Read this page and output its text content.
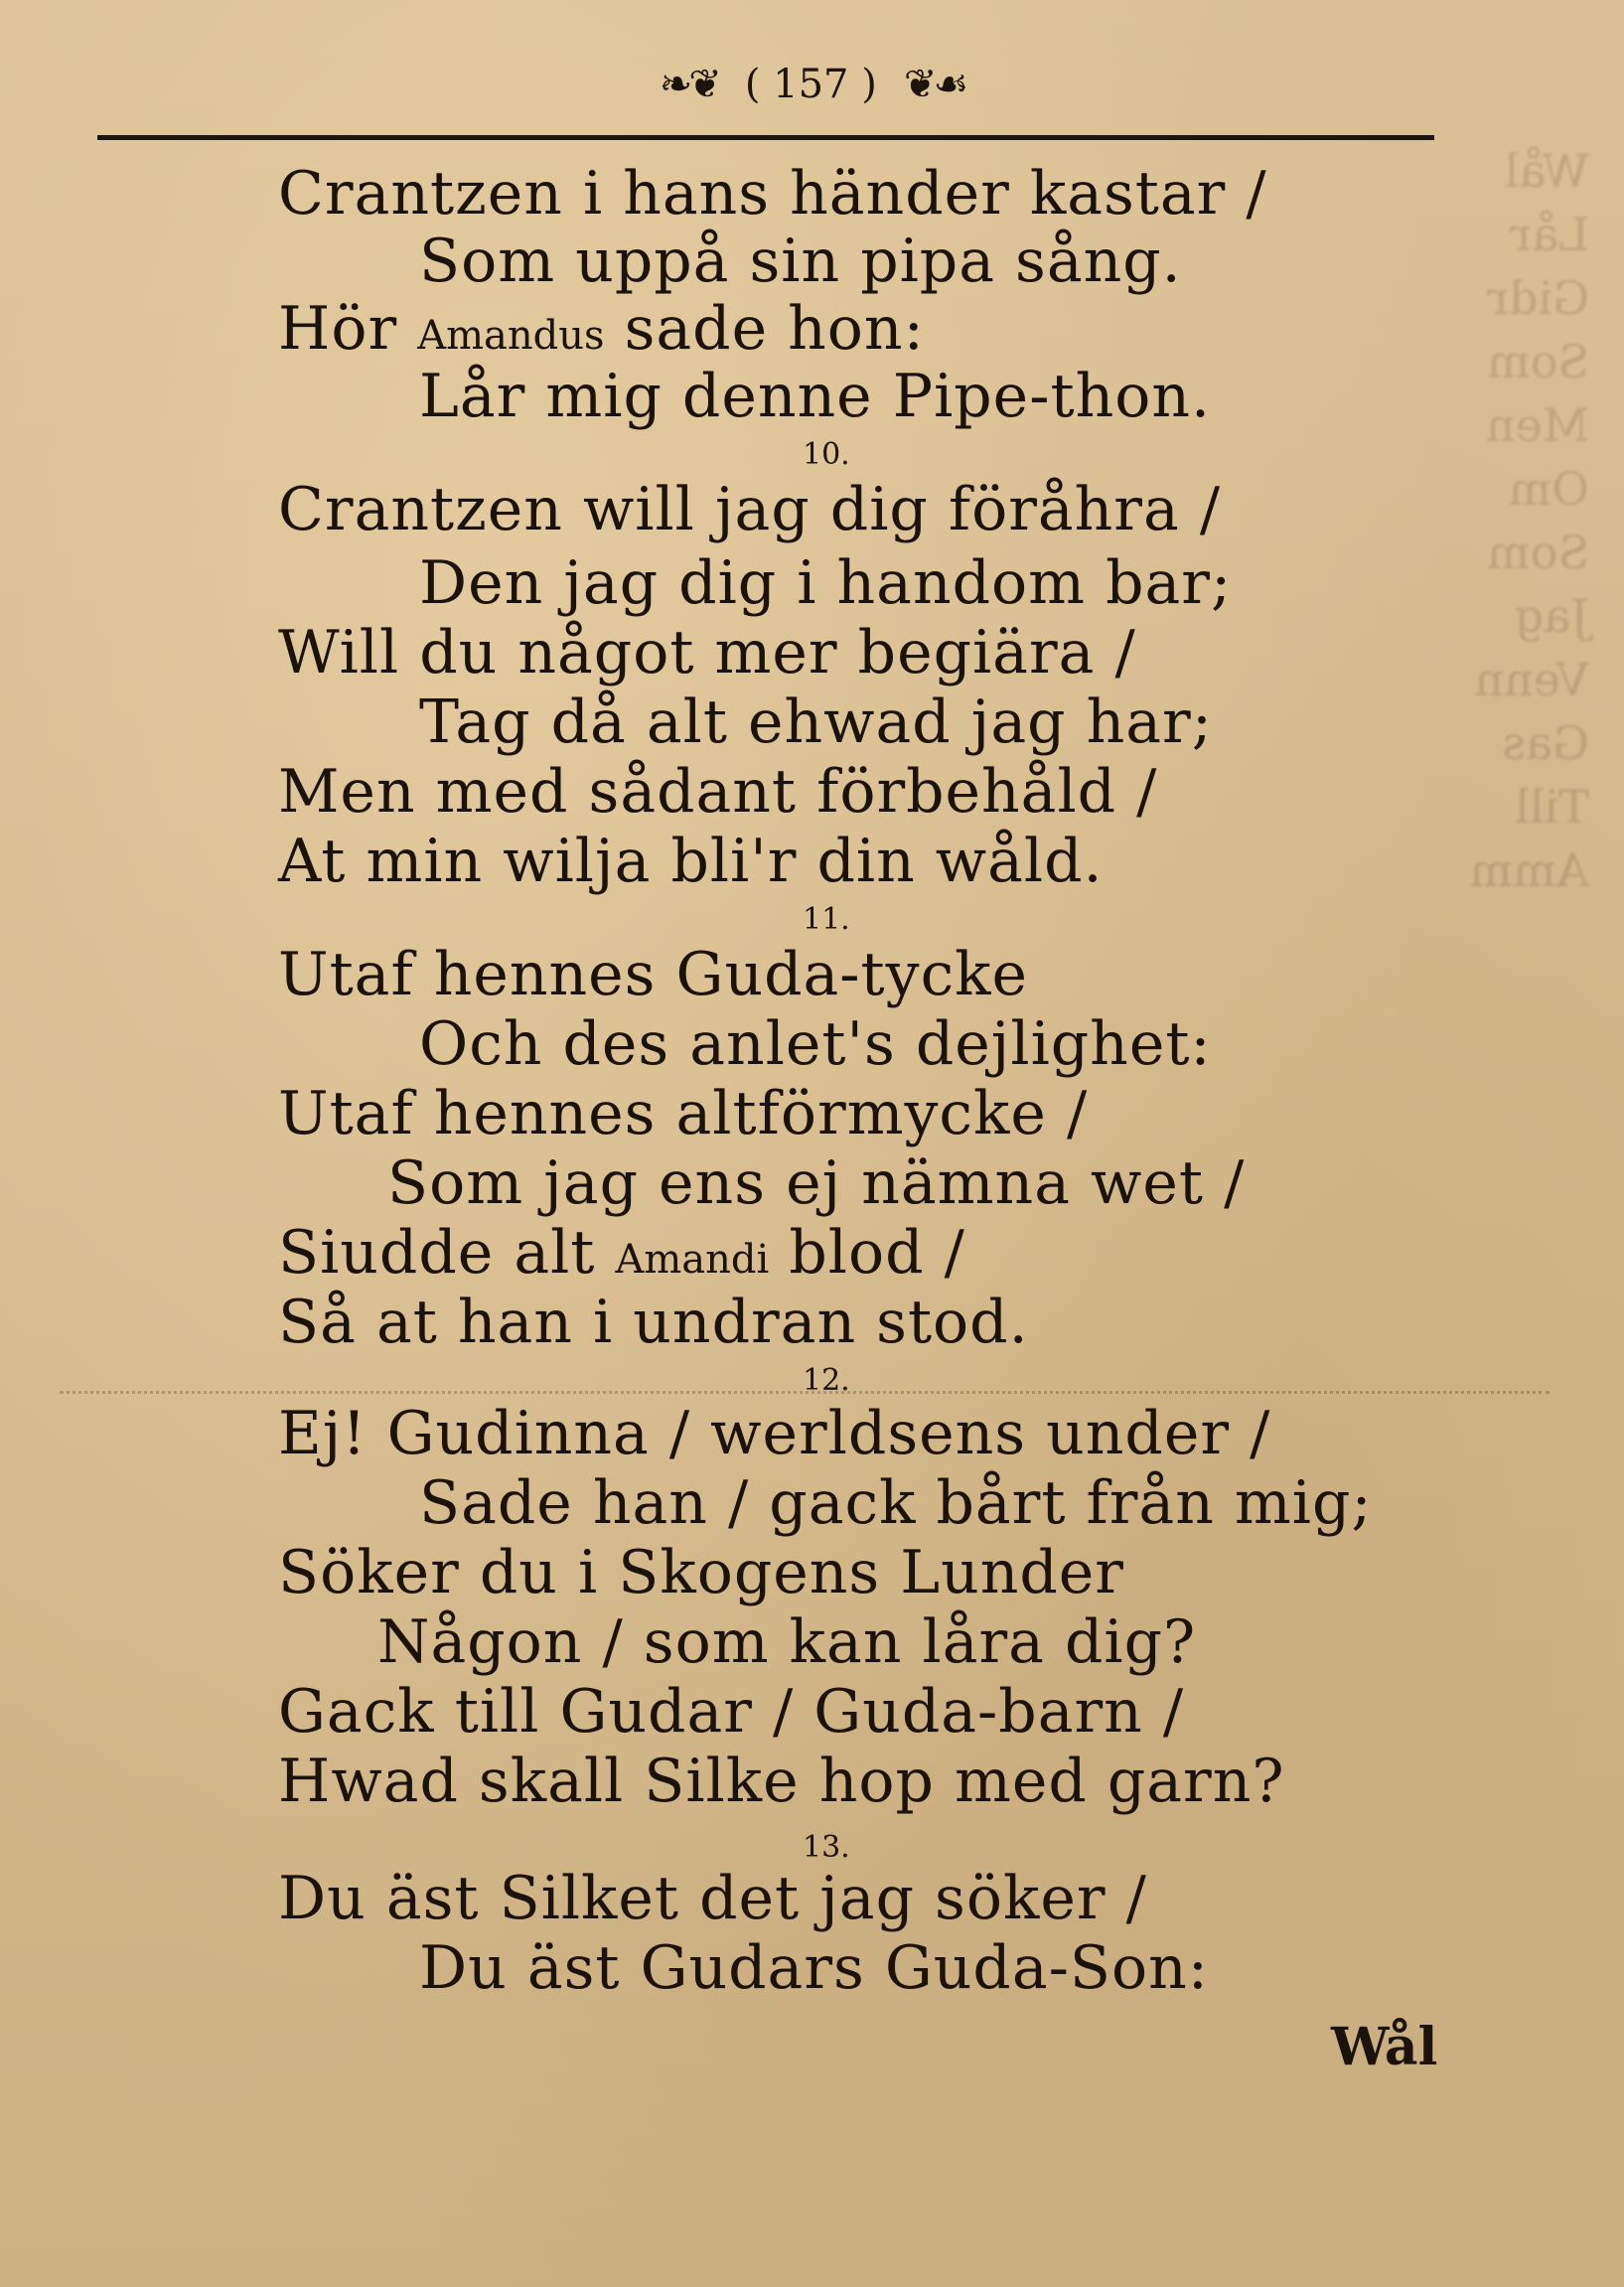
Wål
Lår
Gidr
Som
Men
Om
Som
Jag
Venn
Gas
Till
Amm
❧❦ ( 157 ) ❦☙
Crantzen i hans händer kastar /
Som uppå sin pipa sång.
Hör Amandus sade hon:
Lår mig denne Pipe-thon.
10.
Crantzen will jag dig föråhra /
Den jag dig i handom bar;
Will du något mer begiära /
Tag då alt ehwad jag har;
Men med sådant förbehåld /
At min wilja bli'r din wåld.
11.
Utaf hennes Guda-tycke
Och des anlet's dejlighet:
Utaf hennes altförmycke /
Som jag ens ej nämna wet /
Siudde alt Amandi blod /
Så at han i undran stod.
12.
Ej! Gudinna / werldsens under /
Sade han / gack bårt från mig;
Söker du i Skogens Lunder
Någon / som kan låra dig?
Gack till Gudar / Guda-barn /
Hwad skall Silke hop med garn?
13.
Du äst Silket det jag söker /
Du äst Gudars Guda-Son:
Wål
